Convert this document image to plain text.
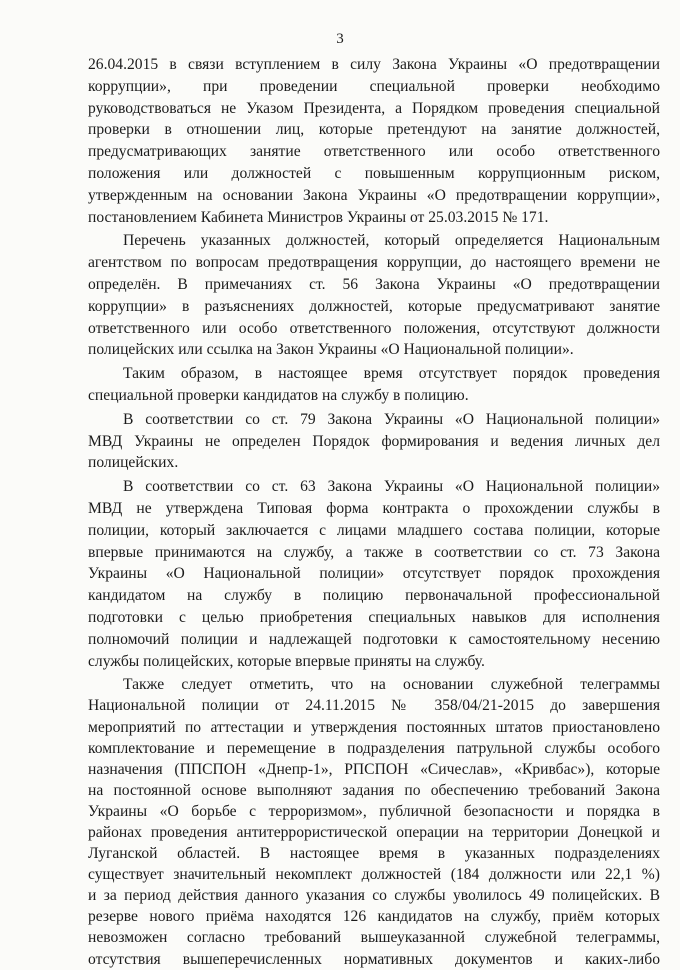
3
26.04.2015 в связи вступлением в силу Закона Украины «О предотвращении
коррупции», при проведении специальной проверки необходимо
руководствоваться не Указом Президента, а Порядком проведения специальной
проверки в отношении лиц, которые претендуют на занятие должностей,
предусматривающих занятие ответственного или особо ответственного
положения или должностей с повышенным коррупционным риском,
утвержденным на основании Закона Украины «О предотвращении коррупции»,
постановлением Кабинета Министров Украины от 25.03.2015 № 171.
Перечень указанных должностей, который определяется Национальным
агентством по вопросам предотвращения коррупции, до настоящего времени не
определён. В примечаниях ст. 56 Закона Украины «О предотвращении
коррупции» в разъяснениях должностей, которые предусматривают занятие
ответственного или особо ответственного положения, отсутствуют должности
полицейских или ссылка на Закон Украины «О Национальной полиции».
Таким образом, в настоящее время отсутствует порядок проведения
специальной проверки кандидатов на службу в полицию.
В соответствии со ст. 79 Закона Украины «О Национальной полиции»
МВД Украины не определен Порядок формирования и ведения личных дел
полицейских.
В соответствии со ст. 63 Закона Украины «О Национальной полиции»
МВД не утверждена Типовая форма контракта о прохождении службы в
полиции, который заключается с лицами младшего состава полиции, которые
впервые принимаются на службу, а также в соответствии со ст. 73 Закона
Украины «О Национальной полиции» отсутствует порядок прохождения
кандидатом на службу в полицию первоначальной профессиональной
подготовки с целью приобретения специальных навыков для исполнения
полномочий полиции и надлежащей подготовки к самостоятельному несению
службы полицейских, которые впервые приняты на службу.
Также следует отметить, что на основании служебной телеграммы
Национальной полиции от 24.11.2015 № 358/04/21-2015 до завершения
мероприятий по аттестации и утверждения постоянных штатов приостановлено
комплектование и перемещение в подразделения патрульной службы особого
назначения (ППСПОН «Днепр-1», РПСПОН «Сичеслав», «Кривбас»), которые
на постоянной основе выполняют задания по обеспечению требований Закона
Украины «О борьбе с терроризмом», публичной безопасности и порядка в
районах проведения антитеррористической операции на территории Донецкой и
Луганской областей. В настоящее время в указанных подразделениях
существует значительный некомплект должностей (184 должности или 22,1 %)
и за период действия данного указания со службы уволилось 49 полицейских. В
резерве нового приёма находятся 126 кандидатов на службу, приём которых
невозможен согласно требований вышеуказанной служебной телеграммы,
отсутствия вышеперечисленных нормативных документов и каких-либо
